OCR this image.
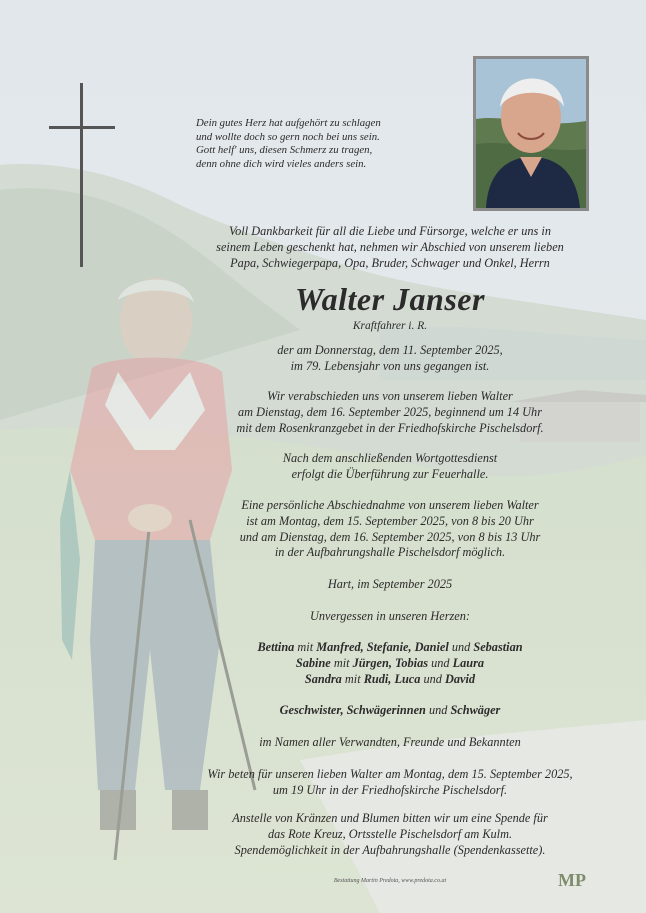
Dein gutes Herz hat aufgehört zu schlagen
und wollte doch so gern noch bei uns sein.
Gott helf' uns, diesen Schmerz zu tragen,
denn ohne dich wird vieles anders sein.
Voll Dankbarkeit für all die Liebe und Fürsorge, welche er uns in
seinem Leben geschenkt hat, nehmen wir Abschied von unserem lieben
Papa, Schwiegerpapa, Opa, Bruder, Schwager und Onkel, Herrn
Walter Janser
Kraftfahrer i. R.
der am Donnerstag, dem 11. September 2025,
im 79. Lebensjahr von uns gegangen ist.
Wir verabschieden uns von unserem lieben Walter
am Dienstag, dem 16. September 2025, beginnend um 14 Uhr
mit dem Rosenkranzgebet in der Friedhofskirche Pischelsdorf.
Nach dem anschließenden Wortgottesdienst
erfolgt die Überführung zur Feuerhalle.
Eine persönliche Abschiednahme von unserem lieben Walter
ist am Montag, dem 15. September 2025, von 8 bis 20 Uhr
und am Dienstag, dem 16. September 2025, von 8 bis 13 Uhr
in der Aufbahrungshalle Pischelsdorf möglich.
Hart, im September 2025
Unvergessen in unseren Herzen:
Bettina mit Manfred, Stefanie, Daniel und Sebastian
Sabine mit Jürgen, Tobias und Laura
Sandra mit Rudi, Luca und David
Geschwister, Schwägerinnen und Schwäger
im Namen aller Verwandten, Freunde und Bekannten
Wir beten für unseren lieben Walter am Montag, dem 15. September 2025,
um 19 Uhr in der Friedhofskirche Pischelsdorf.
Anstelle von Kränzen und Blumen bitten wir um eine Spende für
das Rote Kreuz, Ortsstelle Pischelsdorf am Kulm.
Spendemöglichkeit in der Aufbahrungshalle (Spendenkassette).
Bestattung Martin Predota, www.predota.co.at	MP
